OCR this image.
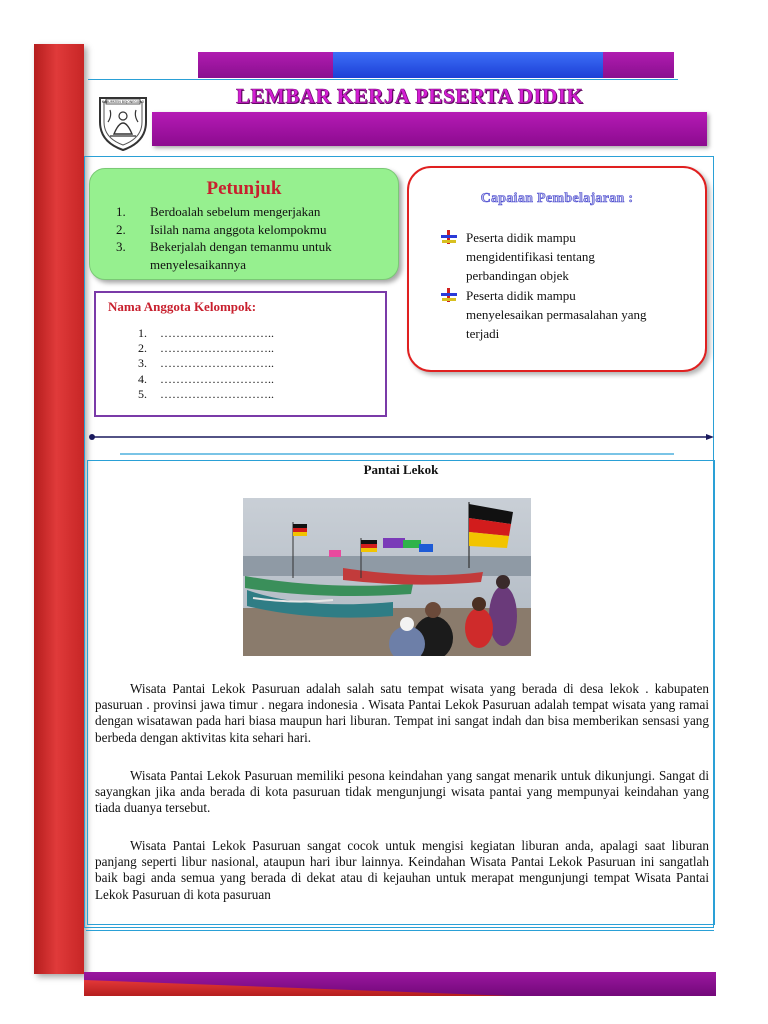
KABUPATEN BOJONEGORO	LEMBAR KERJA PESERTA DIDIK
Petunjuk
1.	Berdoalah sebelum mengerjakan
2.	Isilah nama anggota kelompokmu
3.	Bekerjalah dengan temanmu untuk
menyelesaikannya
Capaian Pembelajaran :
Peserta didik mampu
mengidentifikasi tentang
perbandingan objek
Peserta didik mampu
menyelesaikan permasalahan yang
terjadi
Nama Anggota Kelompok:
1.	………………………..
2.	………………………..
3.	………………………..
4.	………………………..
5.	………………………..
Pantai Lekok
Wisata Pantai Lekok Pasuruan adalah salah satu tempat wisata yang berada di desa lekok . kabupaten pasuruan . provinsi jawa timur . negara indonesia . Wisata Pantai Lekok Pasuruan adalah tempat wisata yang ramai dengan wisatawan pada hari biasa maupun hari liburan. Tempat ini sangat indah dan bisa memberikan sensasi yang berbeda dengan aktivitas kita sehari hari.
Wisata Pantai Lekok Pasuruan memiliki pesona keindahan yang sangat menarik untuk dikunjungi. Sangat di sayangkan jika anda berada di kota pasuruan tidak mengunjungi wisata pantai yang mempunyai keindahan yang tiada duanya tersebut.
Wisata Pantai Lekok Pasuruan sangat cocok untuk mengisi kegiatan liburan anda, apalagi saat liburan panjang seperti libur nasional, ataupun hari ibur lainnya. Keindahan Wisata Pantai Lekok Pasuruan ini sangatlah baik bagi anda semua yang berada di dekat atau di kejauhan untuk merapat mengunjungi tempat Wisata Pantai Lekok Pasuruan di kota pasuruan
